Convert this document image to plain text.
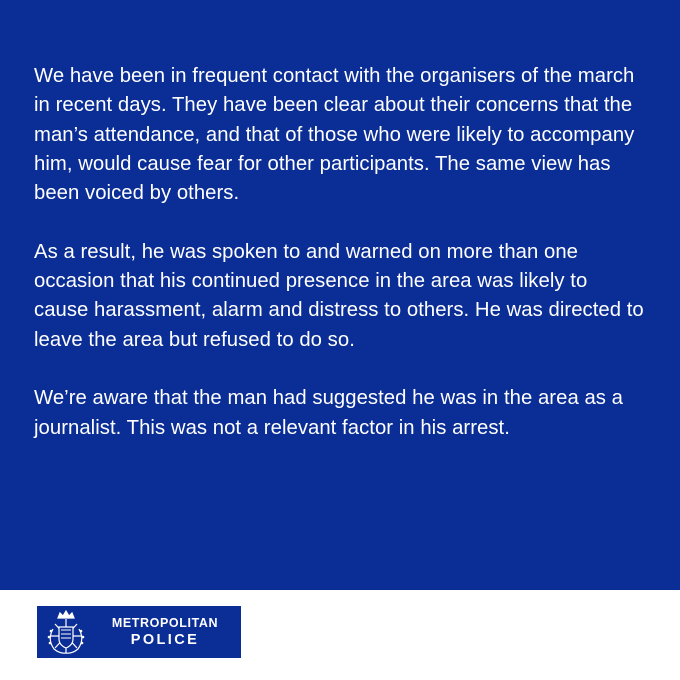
We have been in frequent contact with the organisers of the march in recent days. They have been clear about their concerns that the man’s attendance, and that of those who were likely to accompany him, would cause fear for other participants. The same view has been voiced by others.

As a result, he was spoken to and warned on more than one occasion that his continued presence in the area was likely to cause harassment, alarm and distress to others. He was directed to leave the area but refused to do so.

We’re aware that the man had suggested he was in the area as a journalist. This was not a relevant factor in his arrest.

METROPOLITAN
POLICE
